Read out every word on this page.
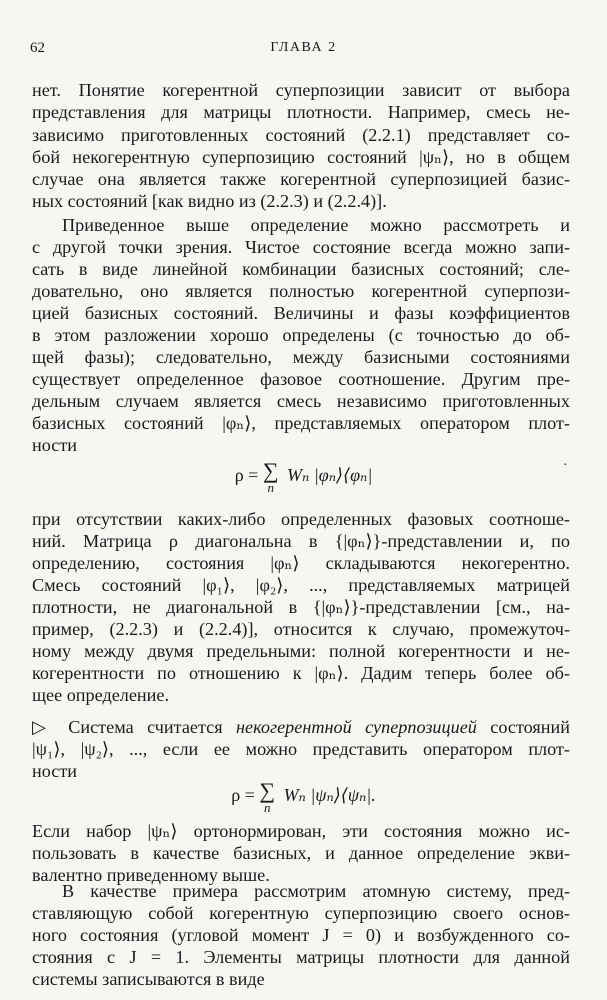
62	ГЛАВА 2
нет. Понятие когерентной суперпозиции зависит от выбора
представления для матрицы плотности. Например, смесь не-
зависимо приготовленных состояний (2.2.1) представляет со-
бой некогерентную суперпозицию состояний |ψₙ⟩, но в общем
случае она является также когерентной суперпозицией базис-
ных состояний [как видно из (2.2.3) и (2.2.4)].
Приведенное выше определение можно рассмотреть и
с другой точки зрения. Чистое состояние всегда можно запи-
сать в виде линейной комбинации базисных состояний; сле-
довательно, оно является полностью когерентной суперпози-
цией базисных состояний. Величины и фазы коэффициентов
в этом разложении хорошо определены (с точностью до об-
щей фазы); следовательно, между базисными состояниями
существует определенное фазовое соотношение. Другим пре-
дельным случаем является смесь независимо приготовленных
базисных состояний |φₙ⟩, представляемых оператором плот-
ности
ρ = ∑
n
Wₙ |φₙ⟩⟨φₙ|	·
при отсутствии каких-либо определенных фазовых соотноше-
ний. Матрица ρ диагональна в {|φₙ⟩}-представлении и, по
определению, состояния |φₙ⟩ складываются некогерентно.
Смесь состояний |φ₁⟩, |φ₂⟩, ..., представляемых матрицей
плотности, не диагональной в {|φₙ⟩}-представлении [см., на-
пример, (2.2.3) и (2.2.4)], относится к случаю, промежуточ-
ному между двумя предельными: полной когерентности и не-
когерентности по отношению к |φₙ⟩. Дадим теперь более об-
щее определение.
▷ Система считается некогерентной суперпозицией состояний
|ψ₁⟩, |ψ₂⟩, ..., если ее можно представить оператором плот-
ности
ρ = ∑
n
Wₙ |ψₙ⟩⟨ψₙ|.
Если набор |ψₙ⟩ ортонормирован, эти состояния можно ис-
пользовать в качестве базисных, и данное определение экви-
валентно приведенному выше.
В качестве примера рассмотрим атомную систему, пред-
ставляющую собой когерентную суперпозицию своего основ-
ного состояния (угловой момент J = 0) и возбужденного со-
стояния с J = 1. Элементы матрицы плотности для данной
системы записываются в виде
